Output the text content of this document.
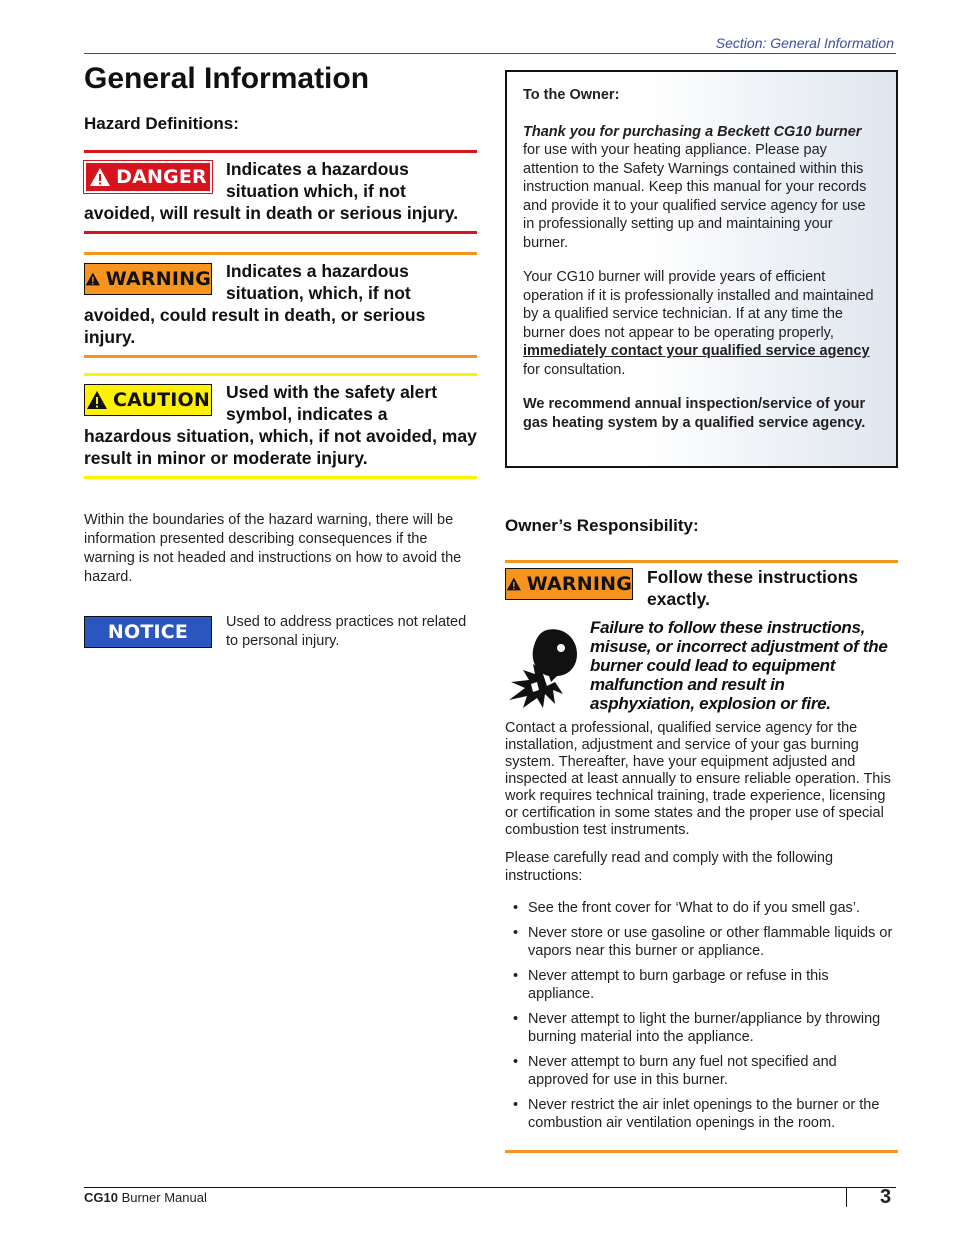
Section: General Information
General Information
Hazard Definitions:
DANGER Indicates a hazardous situation which, if not avoided, will result in death or serious injury.
WARNING Indicates a hazardous situation, which, if not avoided, could result in death, or serious injury.
CAUTION Used with the safety alert symbol, indicates a hazardous situation, which, if not avoided, may result in minor or moderate injury.
Within the boundaries of the hazard warning, there will be information presented describing consequences if the warning is not headed and instructions on how to avoid the hazard.
NOTICE	Used to address practices not related to personal injury.

To the Owner:

Thank you for purchasing a Beckett CG10 burner for use with your heating appliance. Please pay attention to the Safety Warnings contained within this instruction manual. Keep this manual for your records and provide it to your qualified service agency for use in professionally setting up and maintaining your burner.

Your CG10 burner will provide years of efficient operation if it is professionally installed and maintained by a qualified service technician. If at any time the burner does not appear to be operating properly, immediately contact your qualified service agency for consultation.

We recommend annual inspection/service of your gas heating system by a qualified service agency.

Owner’s Responsibility:
WARNING Follow these instructions exactly.
Failure to follow these instructions, misuse, or incorrect adjustment of the burner could lead to equipment malfunction and result in asphyxiation, explosion or fire.
Contact a professional, qualified service agency for the installation, adjustment and service of your gas burning system. Thereafter, have your equipment adjusted and inspected at least annually to ensure reliable operation. This work requires technical training, trade experience, licensing or certification in some states and the proper use of special combustion test instruments.
Please carefully read and comply with the following instructions:
• See the front cover for ‘What to do if you smell gas’.
• Never store or use gasoline or other flammable liquids or vapors near this burner or appliance.
• Never attempt to burn garbage or refuse in this appliance.
• Never attempt to light the burner/appliance by throwing burning material into the appliance.
• Never attempt to burn any fuel not specified and approved for use in this burner.
• Never restrict the air inlet openings to the burner or the combustion air ventilation openings in the room.
CG10 Burner Manual	3
